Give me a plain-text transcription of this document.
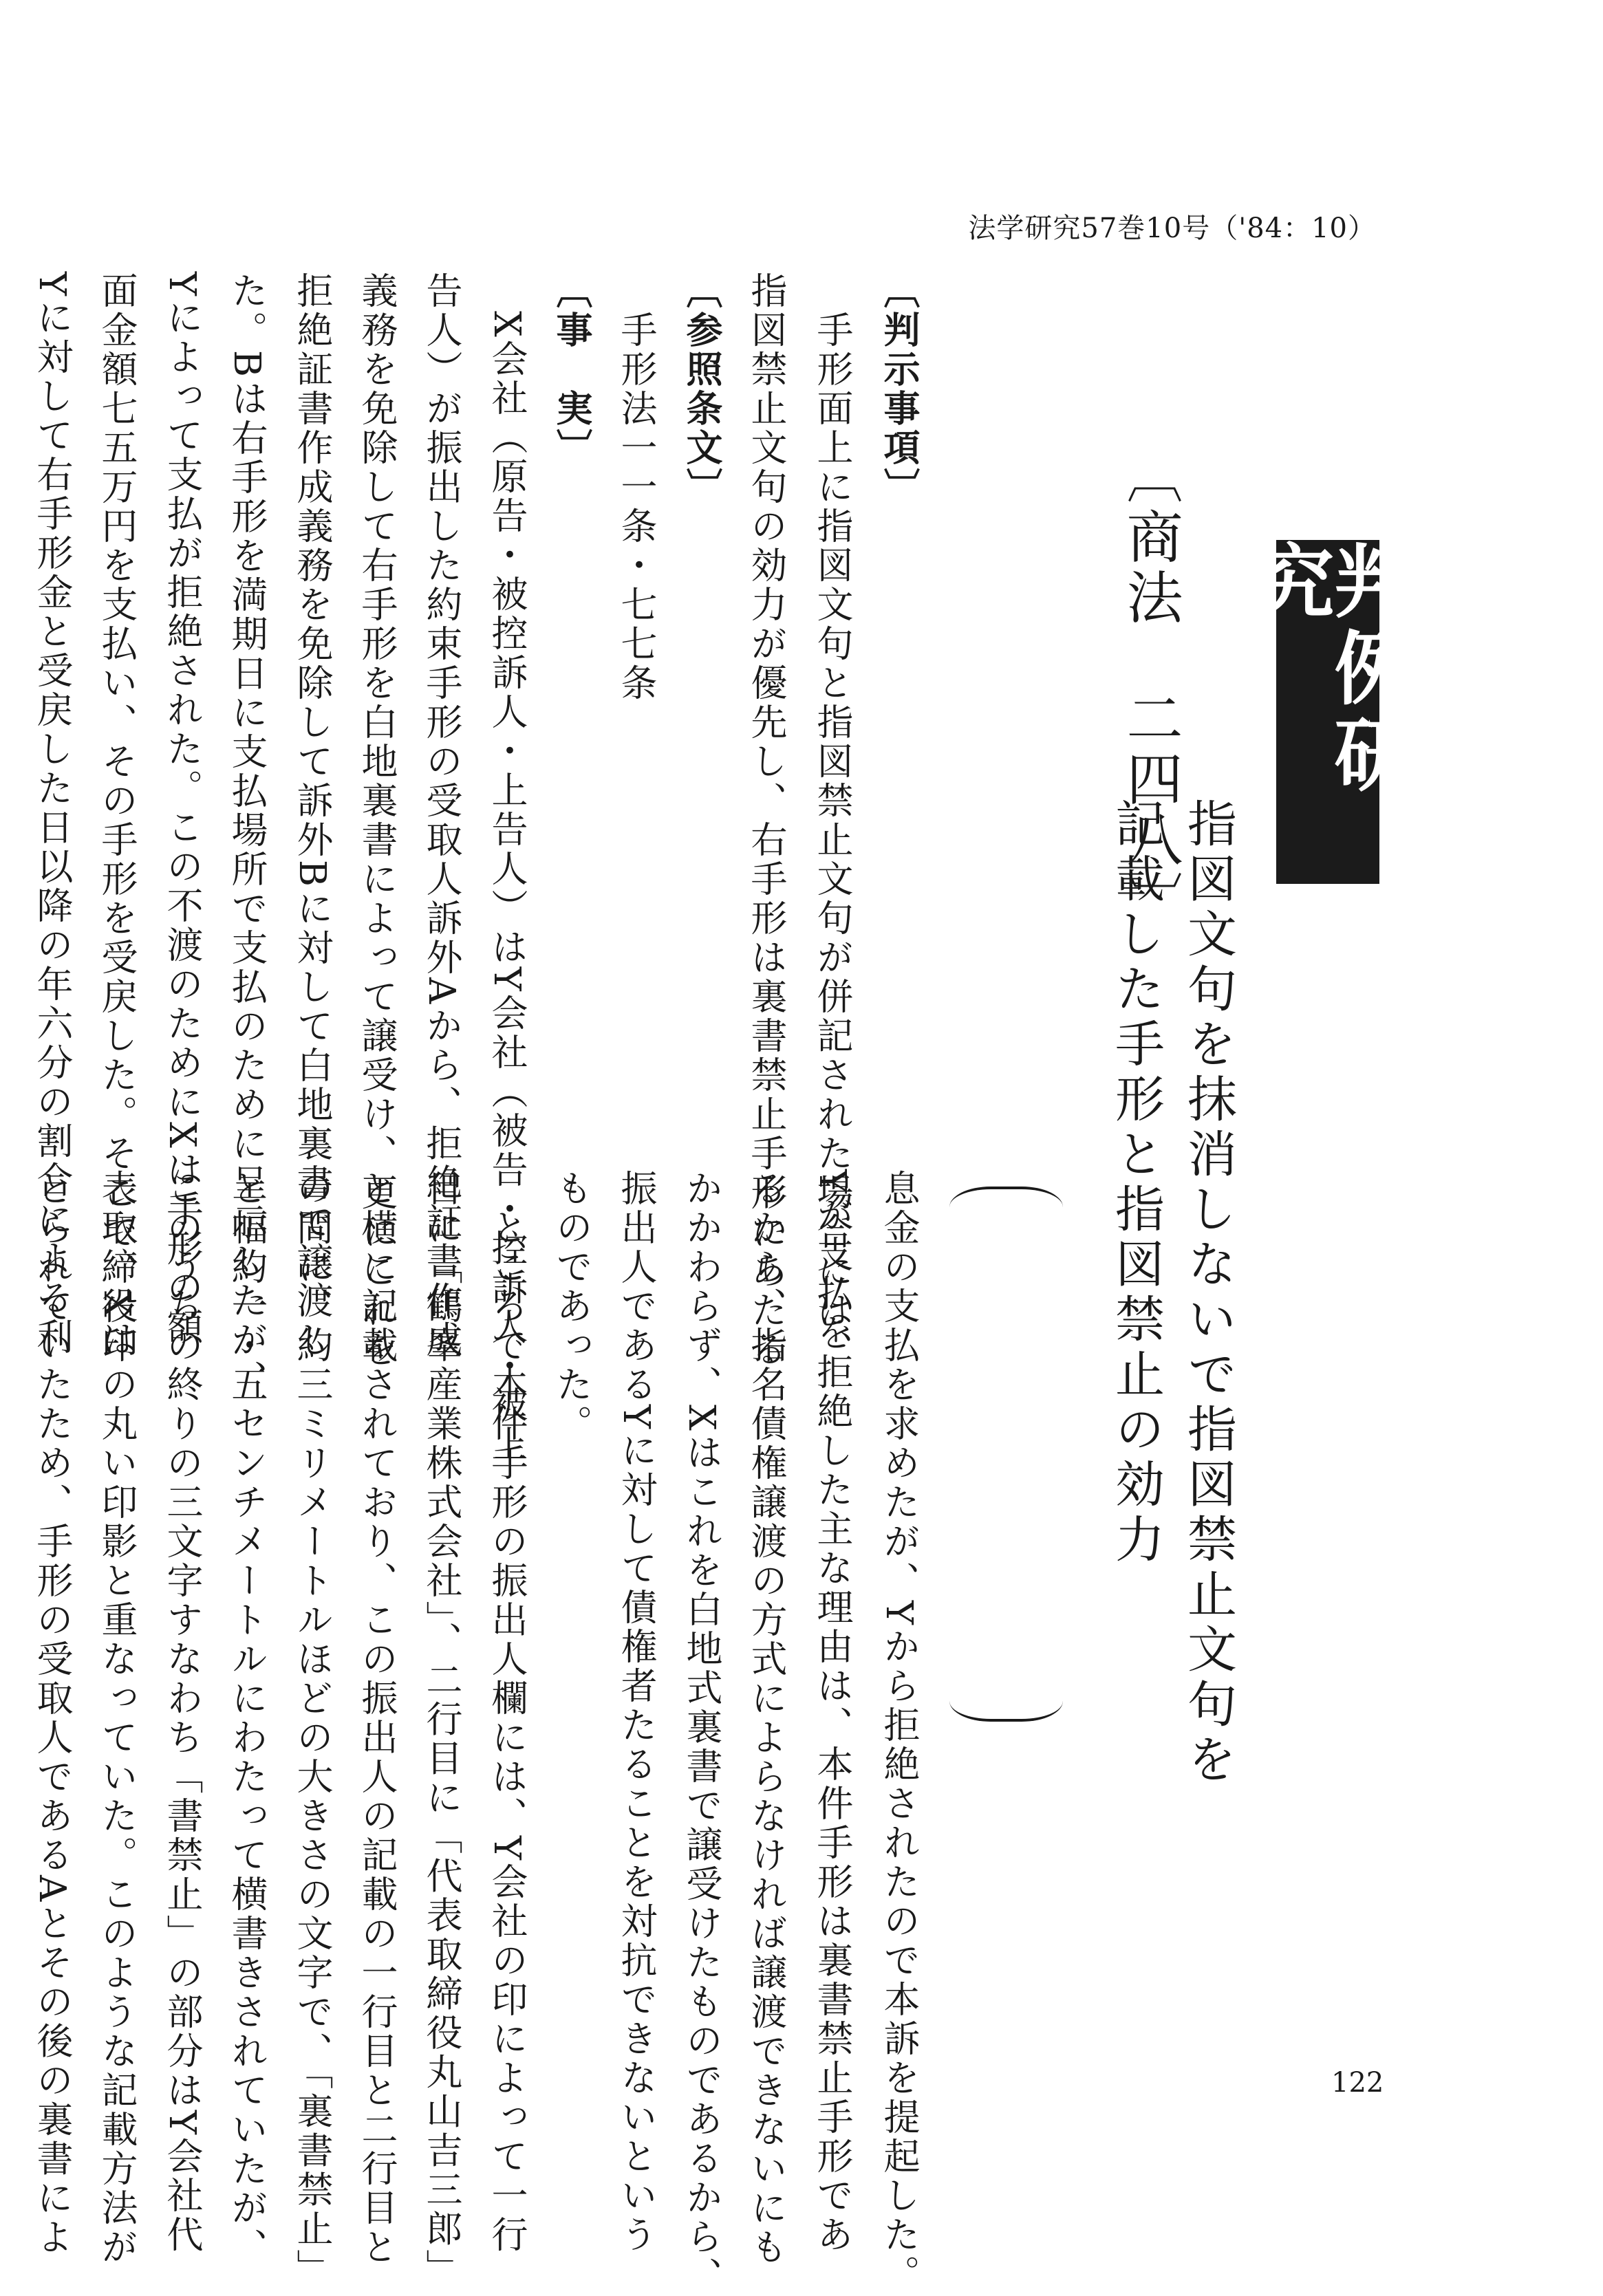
法学研究57巻10号（'84：10）
判例研究
〔商法　二四八〕
指図文句を抹消しないで指図禁止文句を
記載した手形と指図禁止の効力
〔判示事項〕
　手形面上に指図文句と指図禁止文句が併記された場合には、
指図禁止文句の効力が優先し、右手形は裏書禁止手形にあたる
〔参照条文〕
　手形法一一条・七七条
〔事　実〕
　X会社（原告・被控訴人・上告人）はY会社（被告・控訴人・被上
告人）が振出した約束手形の受取人訴外Aから、拒絶証書作成
義務を免除して右手形を白地裏書によって譲受け、更にこれを
拒絶証書作成義務を免除して訴外Bに対して白地裏書で譲渡し
た。Bは右手形を満期日に支払場所で支払のために呈示したが、
Yによって支払が拒絶された。この不渡のためにXは手形の額
面金額七五万円を支払い、その手形を受戻した。そこで、Xは
Yに対して右手形金と受戻した日以降の年六分の割合による利
息金の支払を求めたが、Yから拒絶されたので本訴を提起した。
Yが支払を拒絶した主な理由は、本件手形は裏書禁止手形であ
るから、指名債権譲渡の方式によらなければ譲渡できないにも
かかわらず、Xはこれを白地式裏書で譲受けたものであるから、
振出人であるYに対して債権者たることを対抗できないという
ものであった。
　ところで本件手形の振出人欄には、Y会社の印によって一行
目に「鶴峯産業株式会社」、二行目に「代表取締役丸山吉三郎」
と横に記載されており、この振出人の記載の一行目と二行目と
の間に、約三ミリメートルほどの大きさの文字で、「裏書禁止」
と幅約一・五センチメートルにわたって横書きされていたが、
このうちの終りの三文字すなわち「書禁止」の部分はY会社代
表取締役印の丸い印影と重なっていた。このような記載方法が
とられていたため、手形の受取人であるAとその後の裏書によ	122
